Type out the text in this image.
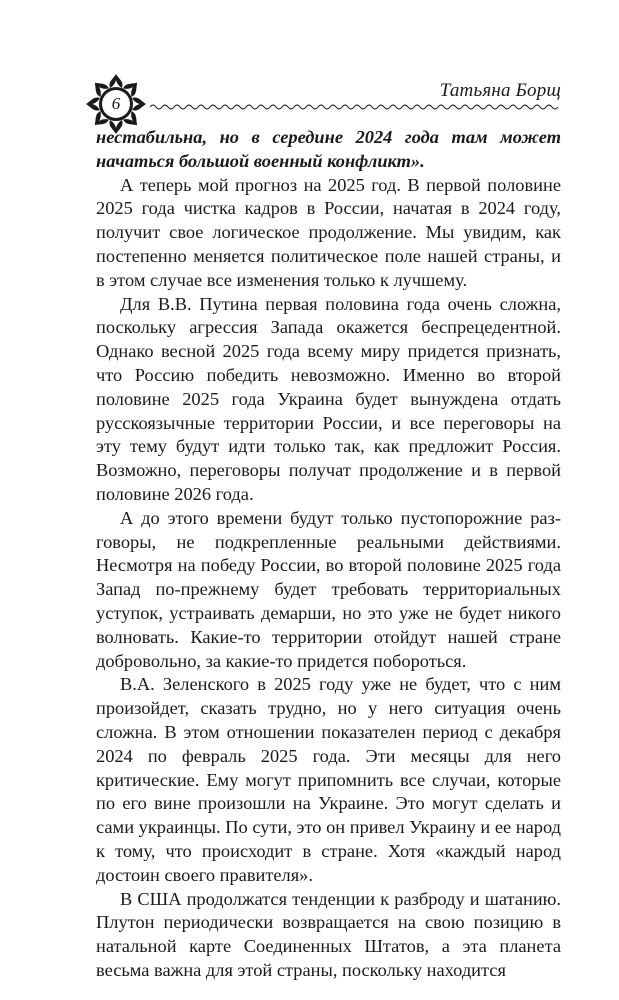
6
Татьяна Борщ

нестабильна, но в середине 2024 года там может начаться большой военный конфликт».

А теперь мой прогноз на 2025 год. В первой половине 2025 года чистка кадров в России, начатая в 2024 году, получит свое логическое продолжение. Мы увидим, как постепенно меняется политическое поле нашей страны, и в этом случае все изменения только к лучшему.

Для В.В. Путина первая половина года очень сложна, поскольку агрессия Запада окажется беспрецедентной. Однако весной 2025 года всему миру придется признать, что Россию победить невозможно. Именно во второй половине 2025 года Украина будет вынуждена отдать русскоязычные территории России, и все переговоры на эту тему будут идти только так, как предложит Россия. Возможно, переговоры получат продолжение и в первой половине 2026 года.

А до этого времени будут только пустопорожние разговоры, не подкрепленные реальными действиями. Несмотря на победу России, во второй половине 2025 года Запад по-прежнему будет требовать территориальных уступок, устраивать демарши, но это уже не будет никого волновать. Какие-то территории отойдут нашей стране добровольно, за какие-то придется побороться.

В.А. Зеленского в 2025 году уже не будет, что с ним произойдет, сказать трудно, но у него ситуация очень сложна. В этом отношении показателен период с декабря 2024 по февраль 2025 года. Эти месяцы для него критические. Ему могут припомнить все случаи, которые по его вине произошли на Украине. Это могут сделать и сами украинцы. По сути, это он привел Украину и ее народ к тому, что происходит в стране. Хотя «каждый народ достоин своего правителя».

В США продолжатся тенденции к разброду и шатанию. Плутон периодически возвращается на свою позицию в натальной карте Соединенных Штатов, а эта планета весьма важна для этой страны, поскольку находится
